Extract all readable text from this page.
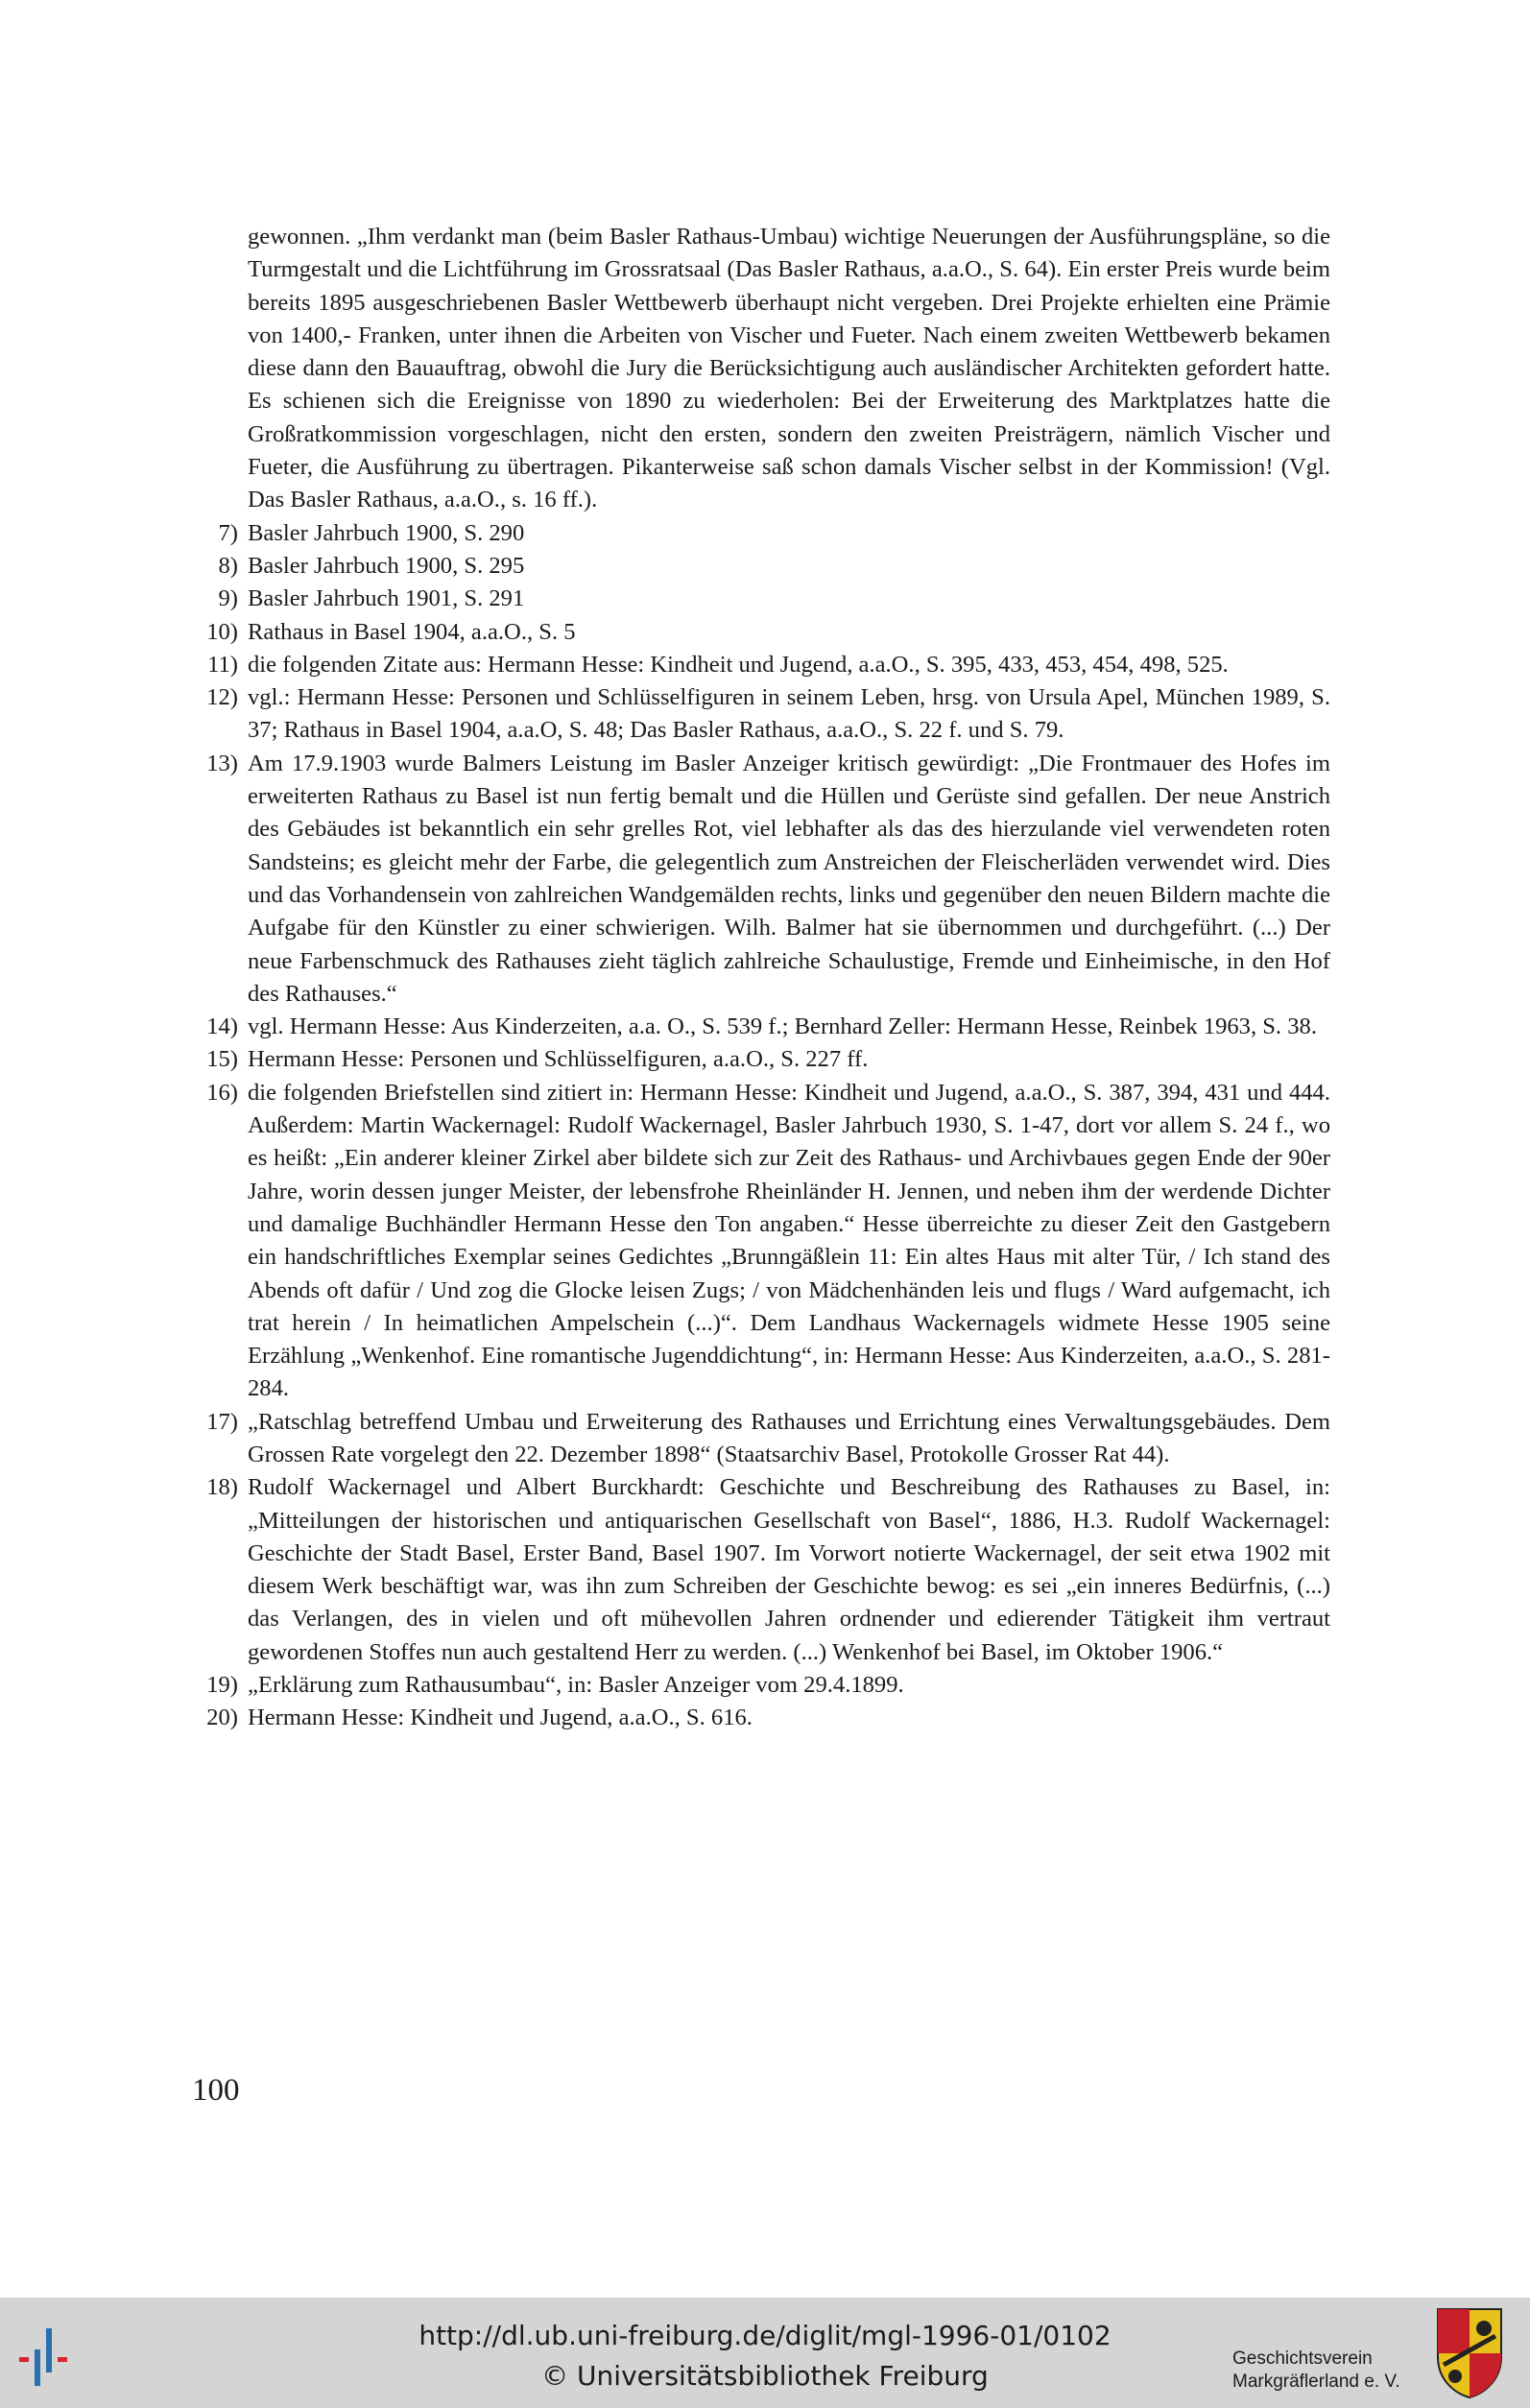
gewonnen. „Ihm verdankt man (beim Basler Rathaus-Umbau) wichtige Neuerungen der Ausführungspläne, so die Turmgestalt und die Lichtführung im Grossratsaal (Das Basler Rathaus, a.a.O., S. 64). Ein erster Preis wurde beim bereits 1895 ausgeschriebenen Basler Wettbewerb überhaupt nicht vergeben. Drei Projekte erhielten eine Prämie von 1400,- Franken, unter ihnen die Arbeiten von Vischer und Fueter. Nach einem zweiten Wettbewerb bekamen diese dann den Bauauftrag, obwohl die Jury die Berücksichtigung auch ausländischer Architekten gefordert hatte. Es schienen sich die Ereignisse von 1890 zu wiederholen: Bei der Erweiterung des Marktplatzes hatte die Großratkommission vorgeschlagen, nicht den ersten, sondern den zweiten Preisträgern, nämlich Vischer und Fueter, die Ausführung zu übertragen. Pikanterweise saß schon damals Vischer selbst in der Kommission! (Vgl. Das Basler Rathaus, a.a.O., s. 16 ff.).

7) Basler Jahrbuch 1900, S. 290
8) Basler Jahrbuch 1900, S. 295
9) Basler Jahrbuch 1901, S. 291
10) Rathaus in Basel 1904, a.a.O., S. 5
11) die folgenden Zitate aus: Hermann Hesse: Kindheit und Jugend, a.a.O., S. 395, 433, 453, 454, 498, 525.
12) vgl.: Hermann Hesse: Personen und Schlüsselfiguren in seinem Leben, hrsg. von Ursula Apel, München 1989, S. 37; Rathaus in Basel 1904, a.a.O, S. 48; Das Basler Rathaus, a.a.O., S. 22 f. und S. 79.
13) Am 17.9.1903 wurde Balmers Leistung im Basler Anzeiger kritisch gewürdigt: „Die Frontmauer des Hofes im erweiterten Rathaus zu Basel ist nun fertig bemalt und die Hüllen und Gerüste sind gefallen. Der neue Anstrich des Gebäudes ist bekanntlich ein sehr grelles Rot, viel lebhafter als das des hierzulande viel verwendeten roten Sandsteins; es gleicht mehr der Farbe, die gelegentlich zum Anstreichen der Fleischerläden verwendet wird. Dies und das Vorhandensein von zahlreichen Wandgemälden rechts, links und gegenüber den neuen Bildern machte die Aufgabe für den Künstler zu einer schwierigen. Wilh. Balmer hat sie übernommen und durchgeführt. (...) Der neue Farbenschmuck des Rathauses zieht täglich zahlreiche Schaulustige, Fremde und Einheimische, in den Hof des Rathauses.“
14) vgl. Hermann Hesse: Aus Kinderzeiten, a.a. O., S. 539 f.; Bernhard Zeller: Hermann Hesse, Reinbek 1963, S. 38.
15) Hermann Hesse: Personen und Schlüsselfiguren, a.a.O., S. 227 ff.
16) die folgenden Briefstellen sind zitiert in: Hermann Hesse: Kindheit und Jugend, a.a.O., S. 387, 394, 431 und 444. Außerdem: Martin Wackernagel: Rudolf Wackernagel, Basler Jahrbuch 1930, S. 1-47, dort vor allem S. 24 f., wo es heißt: „Ein anderer kleiner Zirkel aber bildete sich zur Zeit des Rathaus- und Archivbaues gegen Ende der 90er Jahre, worin dessen junger Meister, der lebensfrohe Rheinländer H. Jennen, und neben ihm der werdende Dichter und damalige Buchhändler Hermann Hesse den Ton angaben.“ Hesse überreichte zu dieser Zeit den Gastgebern ein handschriftliches Exemplar seines Gedichtes „Brunngäßlein 11: Ein altes Haus mit alter Tür, / Ich stand des Abends oft dafür / Und zog die Glocke leisen Zugs; / von Mädchenhänden leis und flugs / Ward aufgemacht, ich trat herein / In heimatlichen Ampelschein (...)“. Dem Landhaus Wackernagels widmete Hesse 1905 seine Erzählung „Wenkenhof. Eine romantische Jugenddichtung“, in: Hermann Hesse: Aus Kinderzeiten, a.a.O., S. 281-284.
17) „Ratschlag betreffend Umbau und Erweiterung des Rathauses und Errichtung eines Verwaltungsgebäudes. Dem Grossen Rate vorgelegt den 22. Dezember 1898“ (Staatsarchiv Basel, Protokolle Grosser Rat 44).
18) Rudolf Wackernagel und Albert Burckhardt: Geschichte und Beschreibung des Rathauses zu Basel, in: „Mitteilungen der historischen und antiquarischen Gesellschaft von Basel“, 1886, H.3. Rudolf Wackernagel: Geschichte der Stadt Basel, Erster Band, Basel 1907. Im Vorwort notierte Wackernagel, der seit etwa 1902 mit diesem Werk beschäftigt war, was ihn zum Schreiben der Geschichte bewog: es sei „ein inneres Bedürfnis, (...) das Verlangen, des in vielen und oft mühevollen Jahren ordnender und edierender Tätigkeit ihm vertraut gewordenen Stoffes nun auch gestaltend Herr zu werden. (...) Wenkenhof bei Basel, im Oktober 1906.“
19) „Erklärung zum Rathausumbau“, in: Basler Anzeiger vom 29.4.1899.
20) Hermann Hesse: Kindheit und Jugend, a.a.O., S. 616.
100
http://dl.ub.uni-freiburg.de/diglit/mgl-1996-01/0102
© Universitätsbibliothek Freiburg
Geschichtsverein
Markgräflerland e. V.
